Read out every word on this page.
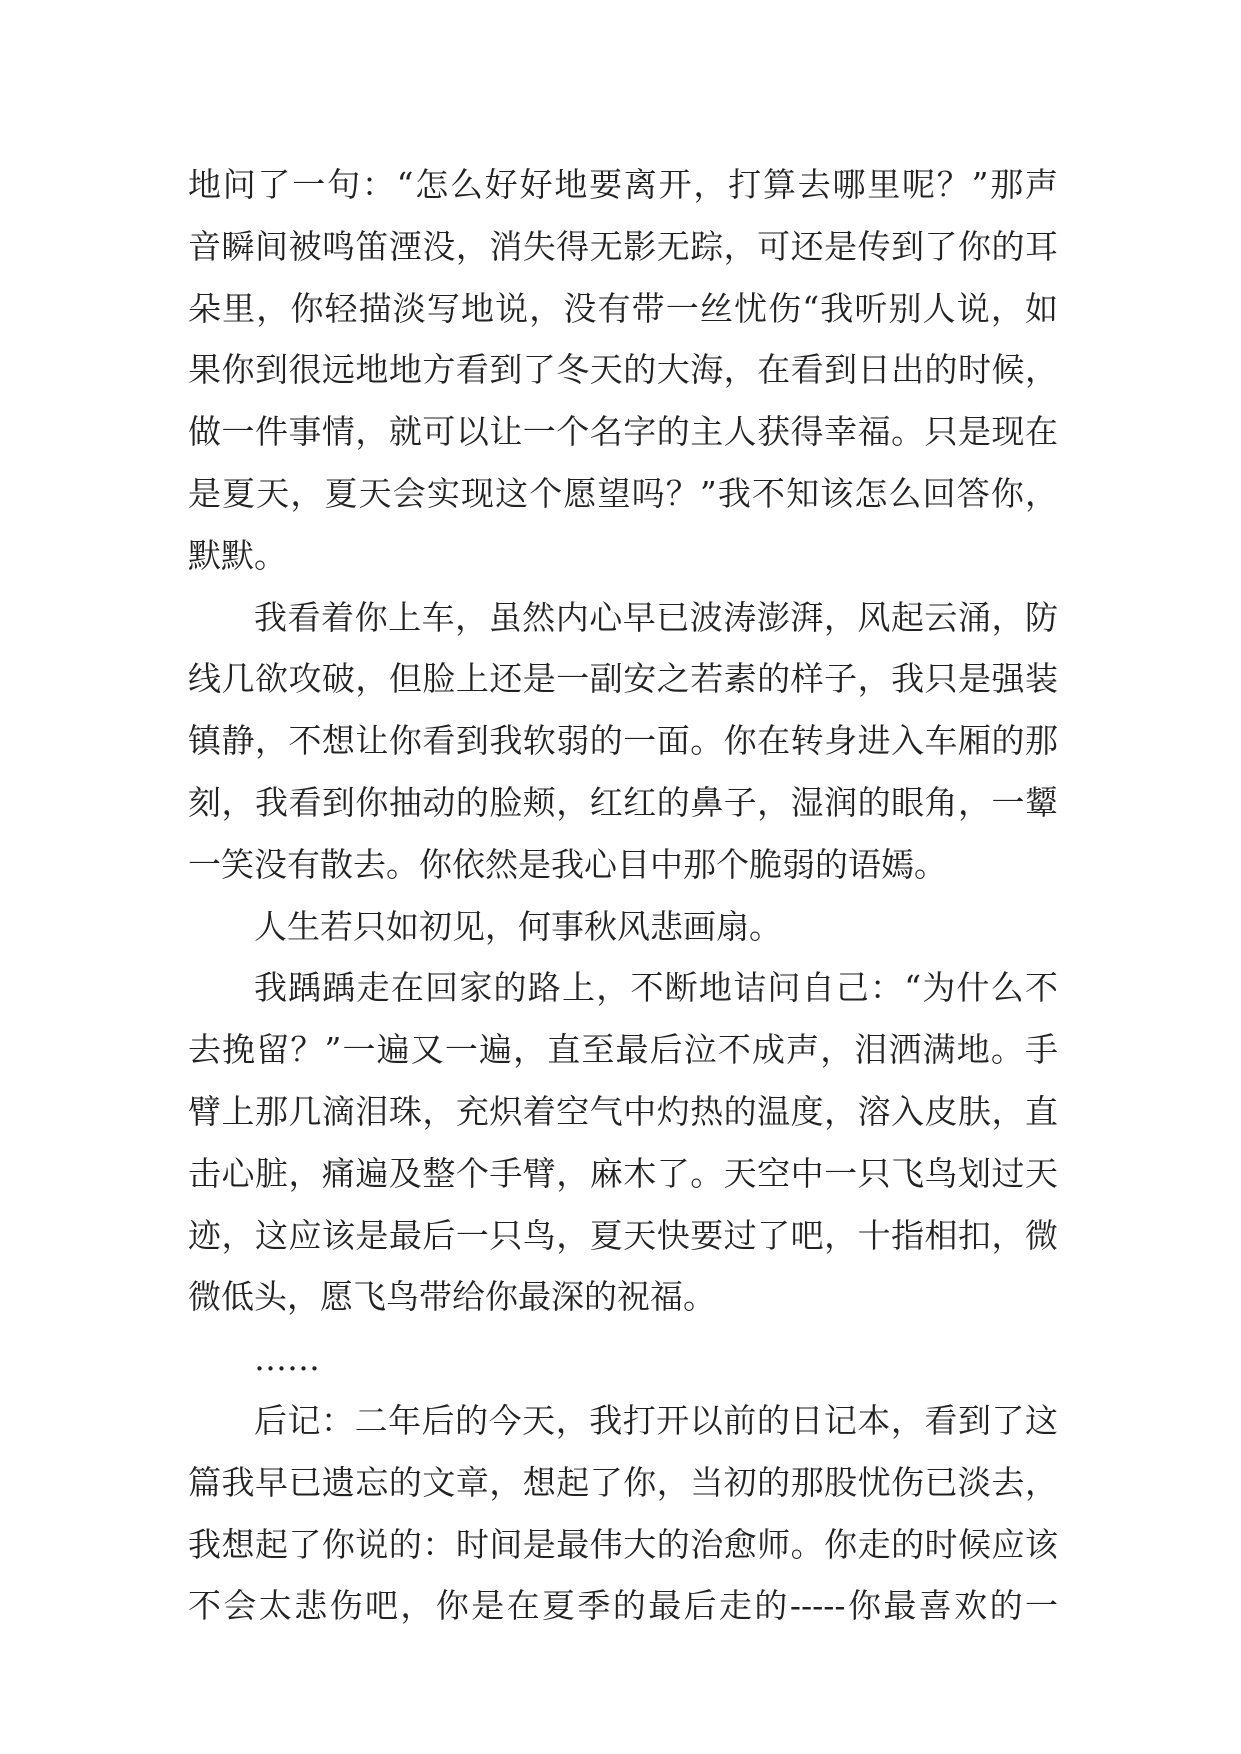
地问了一句：“怎么好好地要离开，打算去哪里呢？”那声
音瞬间被鸣笛湮没，消失得无影无踪，可还是传到了你的耳
朵里，你轻描淡写地说，没有带一丝忧伤“我听别人说，如
果你到很远地地方看到了冬天的大海，在看到日出的时候，
做一件事情，就可以让一个名字的主人获得幸福。只是现在
是夏天，夏天会实现这个愿望吗？”我不知该怎么回答你，
默默。
我看着你上车，虽然内心早已波涛澎湃，风起云涌，防
线几欲攻破，但脸上还是一副安之若素的样子，我只是强装
镇静，不想让你看到我软弱的一面。你在转身进入车厢的那
刻，我看到你抽动的脸颊，红红的鼻子，湿润的眼角，一颦
一笑没有散去。你依然是我心目中那个脆弱的语嫣。
人生若只如初见，何事秋风悲画扇。
我踽踽走在回家的路上，不断地诘问自己：“为什么不
去挽留？”一遍又一遍，直至最后泣不成声，泪洒满地。手
臂上那几滴泪珠，充炽着空气中灼热的温度，溶入皮肤，直
击心脏，痛遍及整个手臂，麻木了。天空中一只飞鸟划过天
迹，这应该是最后一只鸟，夏天快要过了吧，十指相扣，微
微低头，愿飞鸟带给你最深的祝福。
……
后记：二年后的今天，我打开以前的日记本，看到了这
篇我早已遗忘的文章，想起了你，当初的那股忧伤已淡去，
我想起了你说的：时间是最伟大的治愈师。你走的时候应该
不会太悲伤吧，你是在夏季的最后走的-----你最喜欢的一
